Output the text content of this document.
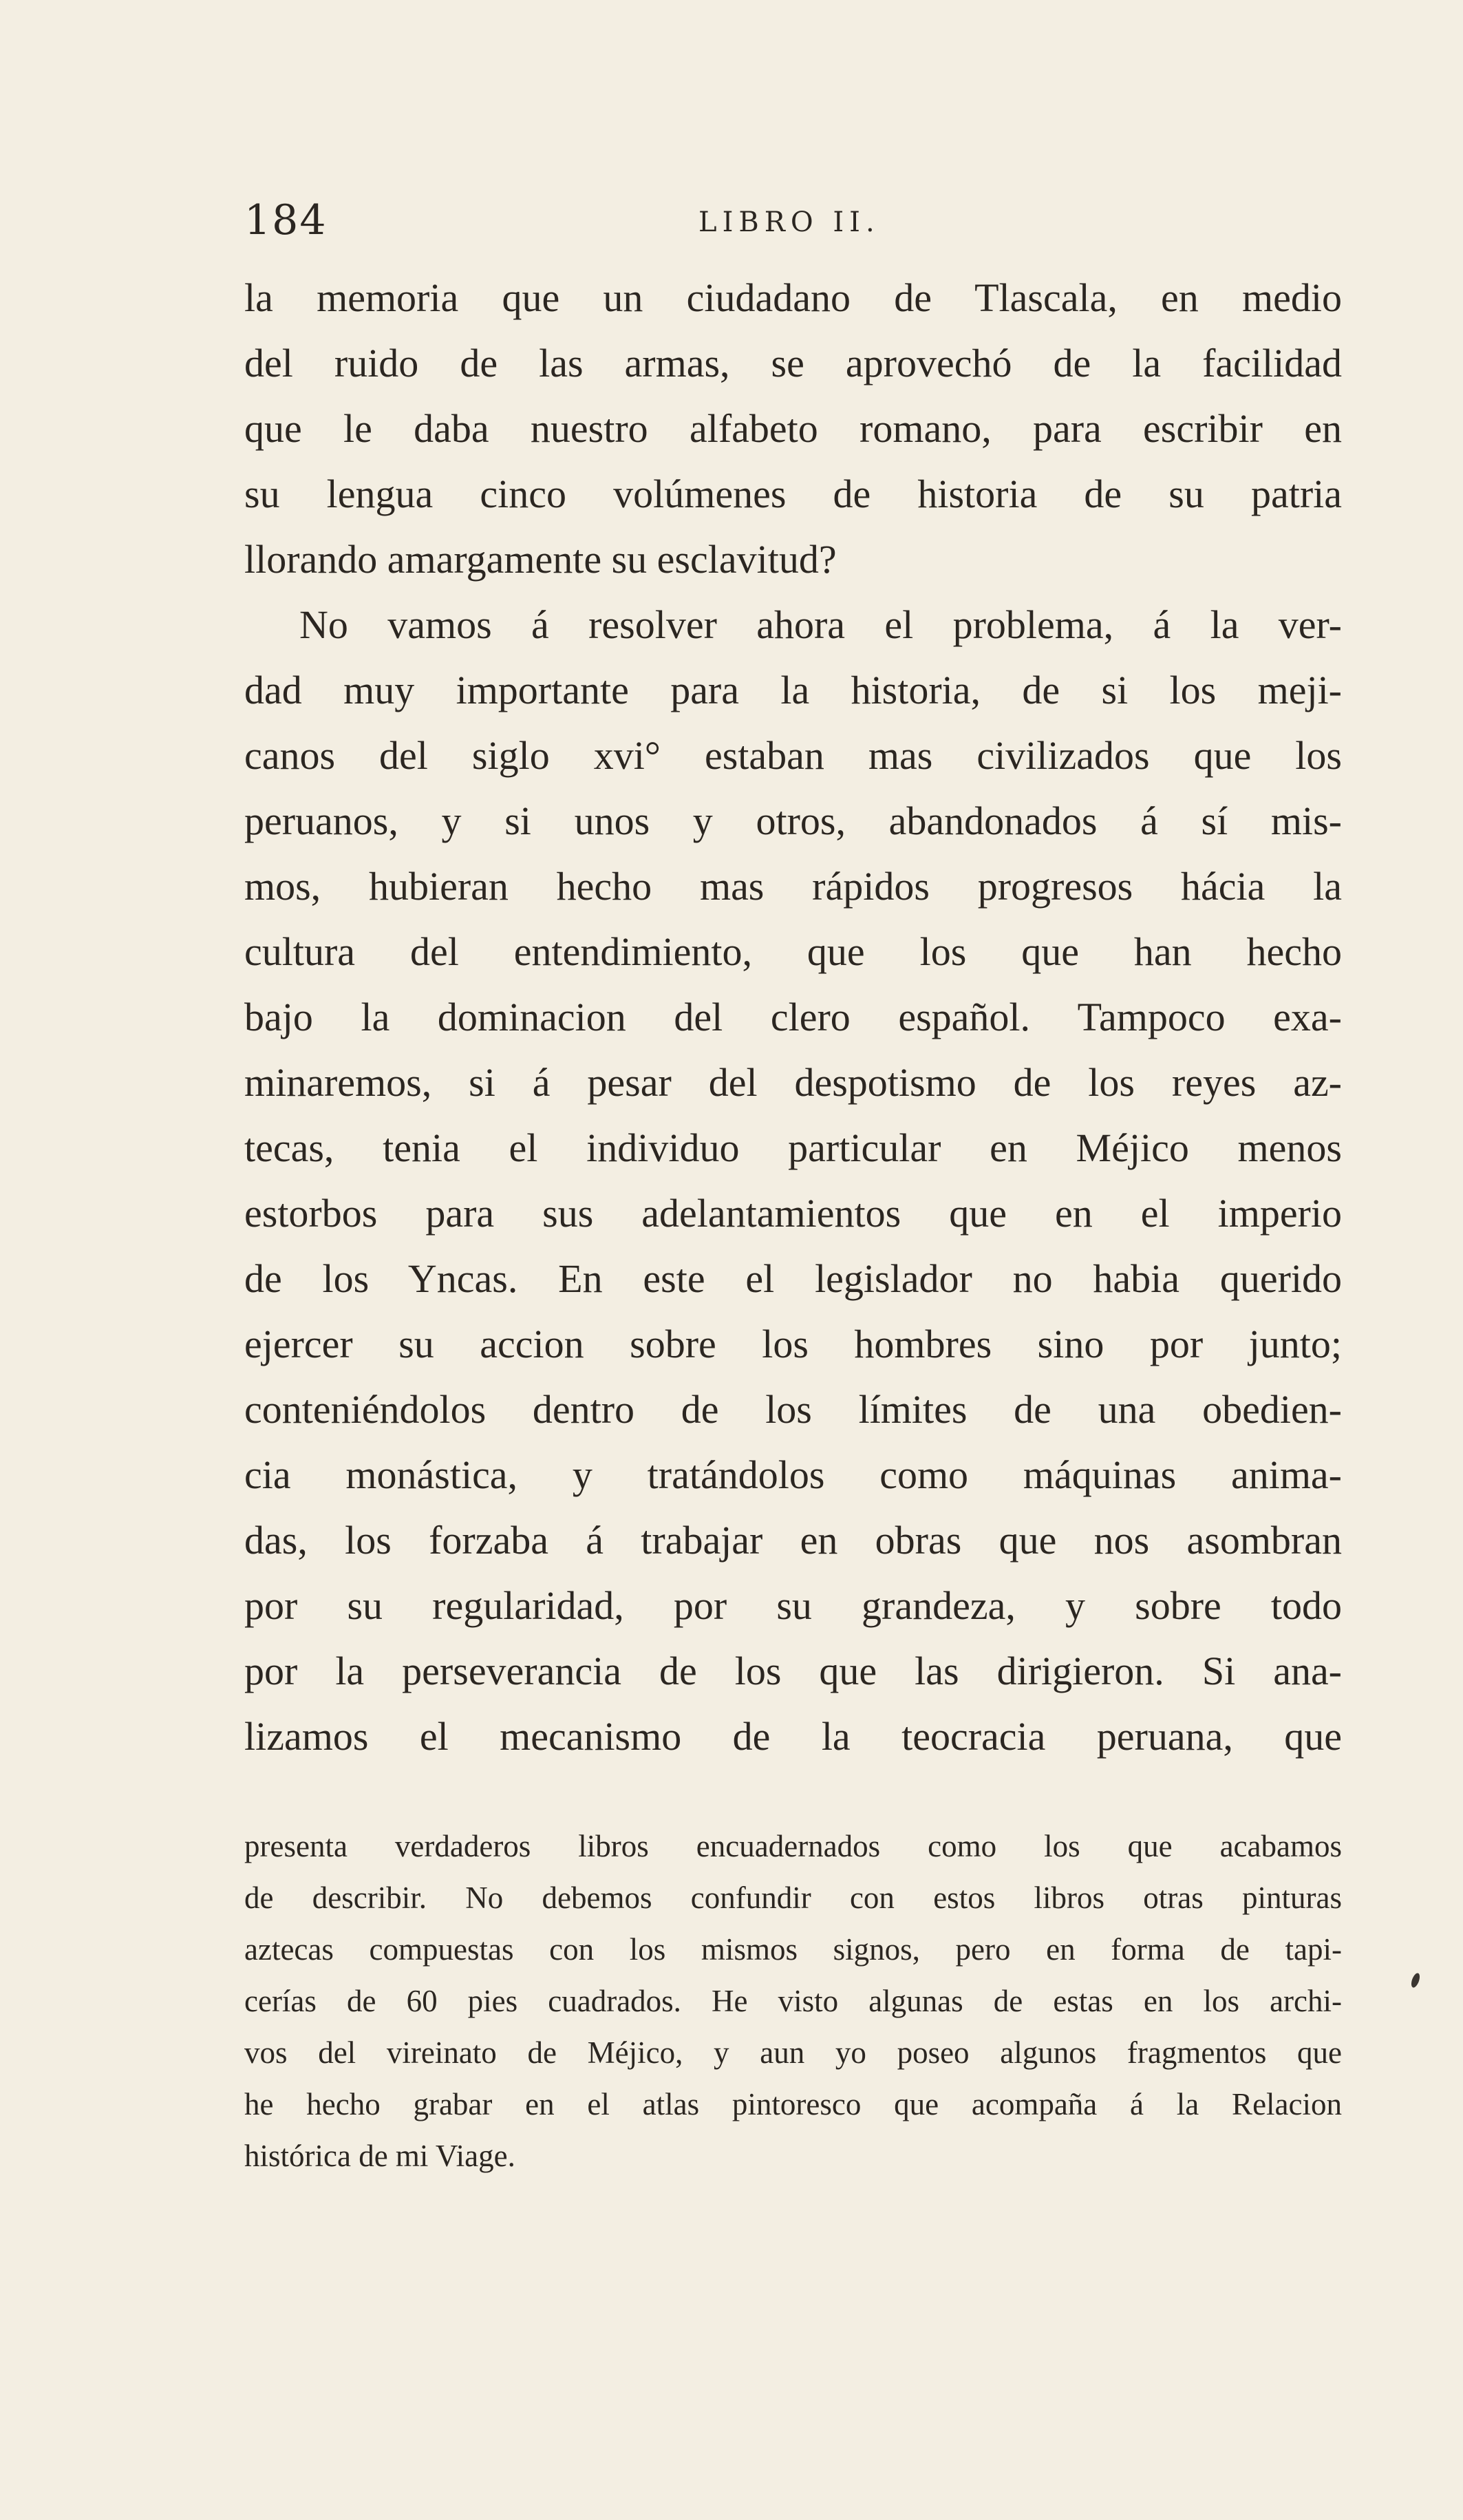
184	LIBRO II.
la memoria que un ciudadano de Tlascala, en medio
del ruido de las armas, se aprovechó de la facilidad
que le daba nuestro alfabeto romano, para escribir en
su lengua cinco volúmenes de historia de su patria
llorando amargamente su esclavitud?
No vamos á resolver ahora el problema, á la ver-
dad muy importante para la historia, de si los meji-
canos del siglo xvi° estaban mas civilizados que los
peruanos, y si unos y otros, abandonados á sí mis-
mos, hubieran hecho mas rápidos progresos hácia la
cultura del entendimiento, que los que han hecho
bajo la dominacion del clero español. Tampoco exa-
minaremos, si á pesar del despotismo de los reyes az-
tecas, tenia el individuo particular en Méjico menos
estorbos para sus adelantamientos que en el imperio
de los Yncas. En este el legislador no habia querido
ejercer su accion sobre los hombres sino por junto;
conteniéndolos dentro de los límites de una obedien-
cia monástica, y tratándolos como máquinas anima-
das, los forzaba á trabajar en obras que nos asombran
por su regularidad, por su grandeza, y sobre todo
por la perseverancia de los que las dirigieron. Si ana-
lizamos el mecanismo de la teocracia peruana, que
presenta verdaderos libros encuadernados como los que acabamos
de describir. No debemos confundir con estos libros otras pinturas
aztecas compuestas con los mismos signos, pero en forma de tapi-
cerías de 60 pies cuadrados. He visto algunas de estas en los archi-
vos del vireinato de Méjico, y aun yo poseo algunos fragmentos que
he hecho grabar en el atlas pintoresco que acompaña á la Relacion
histórica de mi Viage.
